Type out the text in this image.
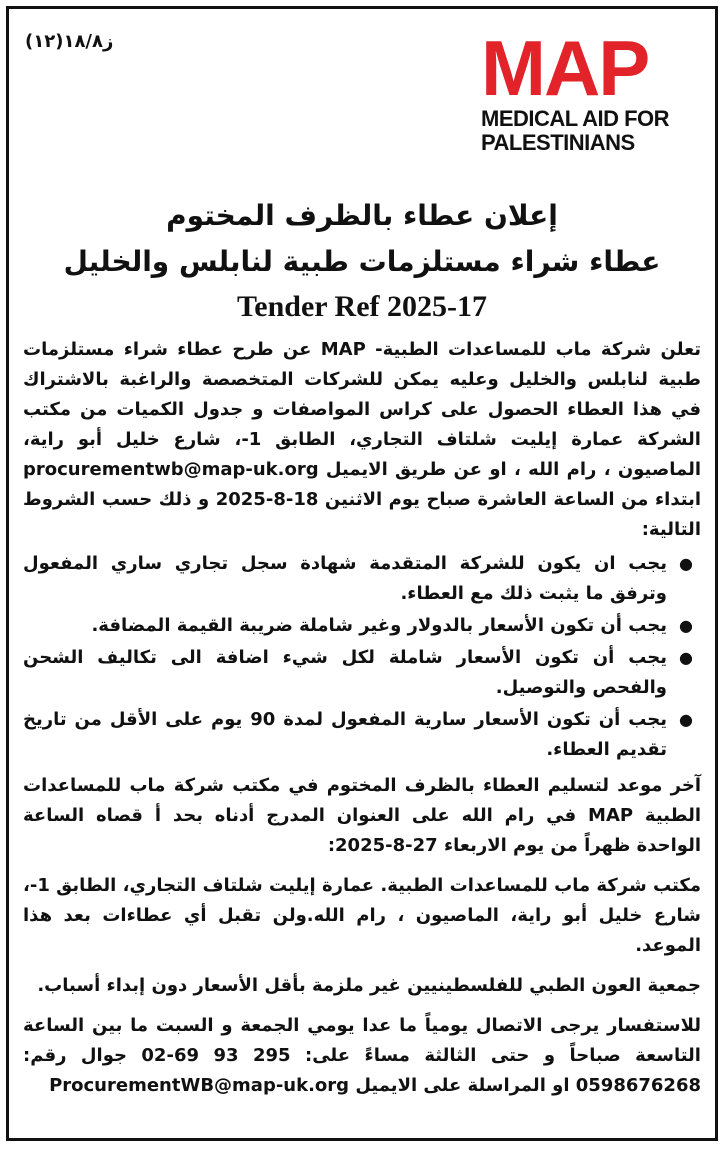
ز١٨/٨(١٢)	MAP
MEDICAL AID FOR
PALESTINIANS
إعلان عطاء بالظرف المختوم
عطاء شراء مستلزمات طبية لنابلس والخليل
Tender Ref 2025-17

تعلن شركة ماب للمساعدات الطبية- MAP عن طرح عطاء شراء مستلزمات طبية لنابلس والخليل وعليه يمكن للشركات المتخصصة والراغبة بالاشتراك في هذا العطاء الحصول على كراس المواصفات و جدول الكميات من مكتب الشركة عمارة إيليت شلتاف التجاري، الطابق 1-، شارع خليل أبو راية، الماصيون ، رام الله ، او عن طريق الايميل procurementwb@map-uk.org ابتداء من الساعة العاشرة صباح يوم الاثنين 18-8-2025 و ذلك حسب الشروط التالية:

●
يجب ان يكون للشركة المتقدمة شهادة سجل تجاري ساري المفعول وترفق ما يثبت ذلك مع العطاء.
●
يجب أن تكون الأسعار بالدولار وغير شاملة ضريبة القيمة المضافة.
●
يجب أن تكون الأسعار شاملة لكل شيء اضافة الى تكاليف الشحن والفحص والتوصيل.
●
يجب أن تكون الأسعار سارية المفعول لمدة 90 يوم على الأقل من تاريخ تقديم العطاء.

آخر موعد لتسليم العطاء بالظرف المختوم في مكتب شركة ماب للمساعدات الطبية MAP في رام الله على العنوان المدرج أدناه بحد أ قصاه الساعة الواحدة ظهراً من يوم الاربعاء 27-8-2025:

مكتب شركة ماب للمساعدات الطبية. عمارة إيليت شلتاف التجاري، الطابق 1-، شارع خليل أبو راية، الماصيون ، رام الله.ولن تقبل أي عطاءات بعد هذا الموعد.

جمعية العون الطبي للفلسطينيين غير ملزمة بأقل الأسعار دون إبداء أسباب.

للاستفسار يرجى الاتصال يومياً ما عدا يومي الجمعة و السبت ما بين الساعة التاسعة صباحاً و حتى الثالثة مساءً على: 295 93 69-02 جوال رقم: 0598676268 او المراسلة على الايميل ProcurementWB@map-uk.org
